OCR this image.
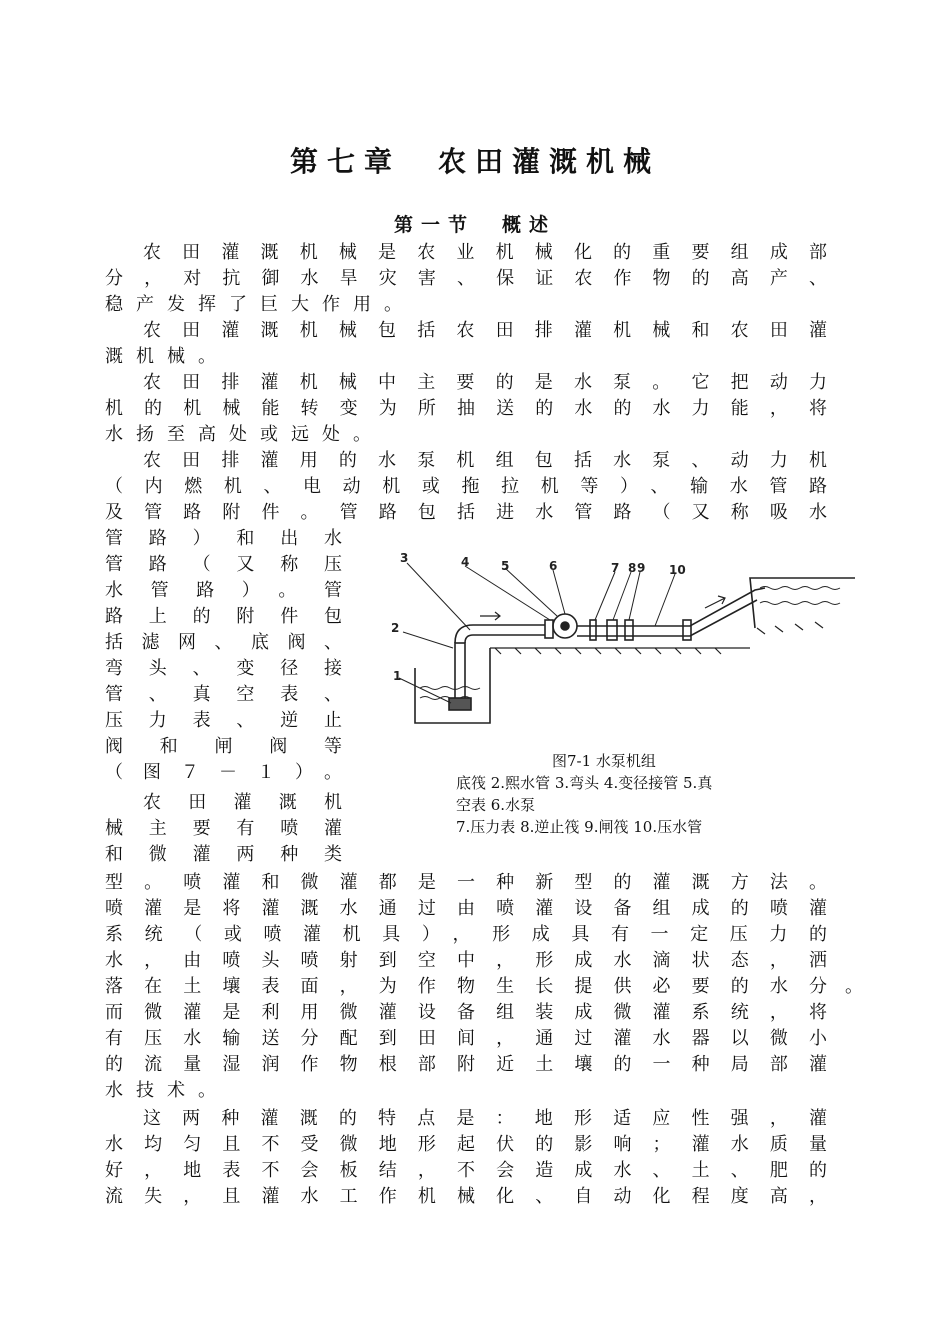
第七章　农田灌溉机械
第一节　概述
农田灌溉机械是农业机械化的重要组成部
分，对抗御水旱灾害、保证农作物的高产、
稳产发挥了巨大作用。
农田灌溉机械包括农田排灌机械和农田灌
溉机械。
农田排灌机械中主要的是水泵。它把动力
机的机械能转变为所抽送的水的水力能，将
水扬至高处或远处。
农田排灌用的水泵机组包括水泵、动力机
（内燃机、电动机或拖拉机等）、输水管路
及管路附件。管路包括进水管路（又称吸水
管路）和出水
管路（又称压
水管路）。管
路上的附件包
括滤网、底阀、
弯头、变径接
管、真空表、
压力表、逆止
阀和闸阀等
（图７－１）。
农田灌溉机
械主要有喷灌
和微灌两种类
型。喷灌和微灌都是一种新型的灌溉方法。
喷灌是将灌溉水通过由喷灌设备组成的喷灌
系统（或喷灌机具），形成具有一定压力的
水，由喷头喷射到空中，形成水滴状态，洒
落在土壤表面，为作物生长提供必要的水分
而微灌是利用微灌设备组装成微灌系统，将
有压水输送分配到田间，通过灌水器以微小
的流量湿润作物根部附近土壤的一种局部灌
水技术。
这两种灌溉的特点是：地形适应性强，灌
水均匀且不受微地形起伏的影响；灌水质量
好，地表不会板结，不会造成水、土、肥的
流失，且灌水工作机械化、自动化程度高，
。
1
2
3	4	5	6	7 8 9 10
图7-1 水泵机组
底筏 2.熙水管 3.弯头 4.变径接管 5.真
空表 6.水泵
7.压力表 8.逆止筏 9.闸筏 10.压水管
